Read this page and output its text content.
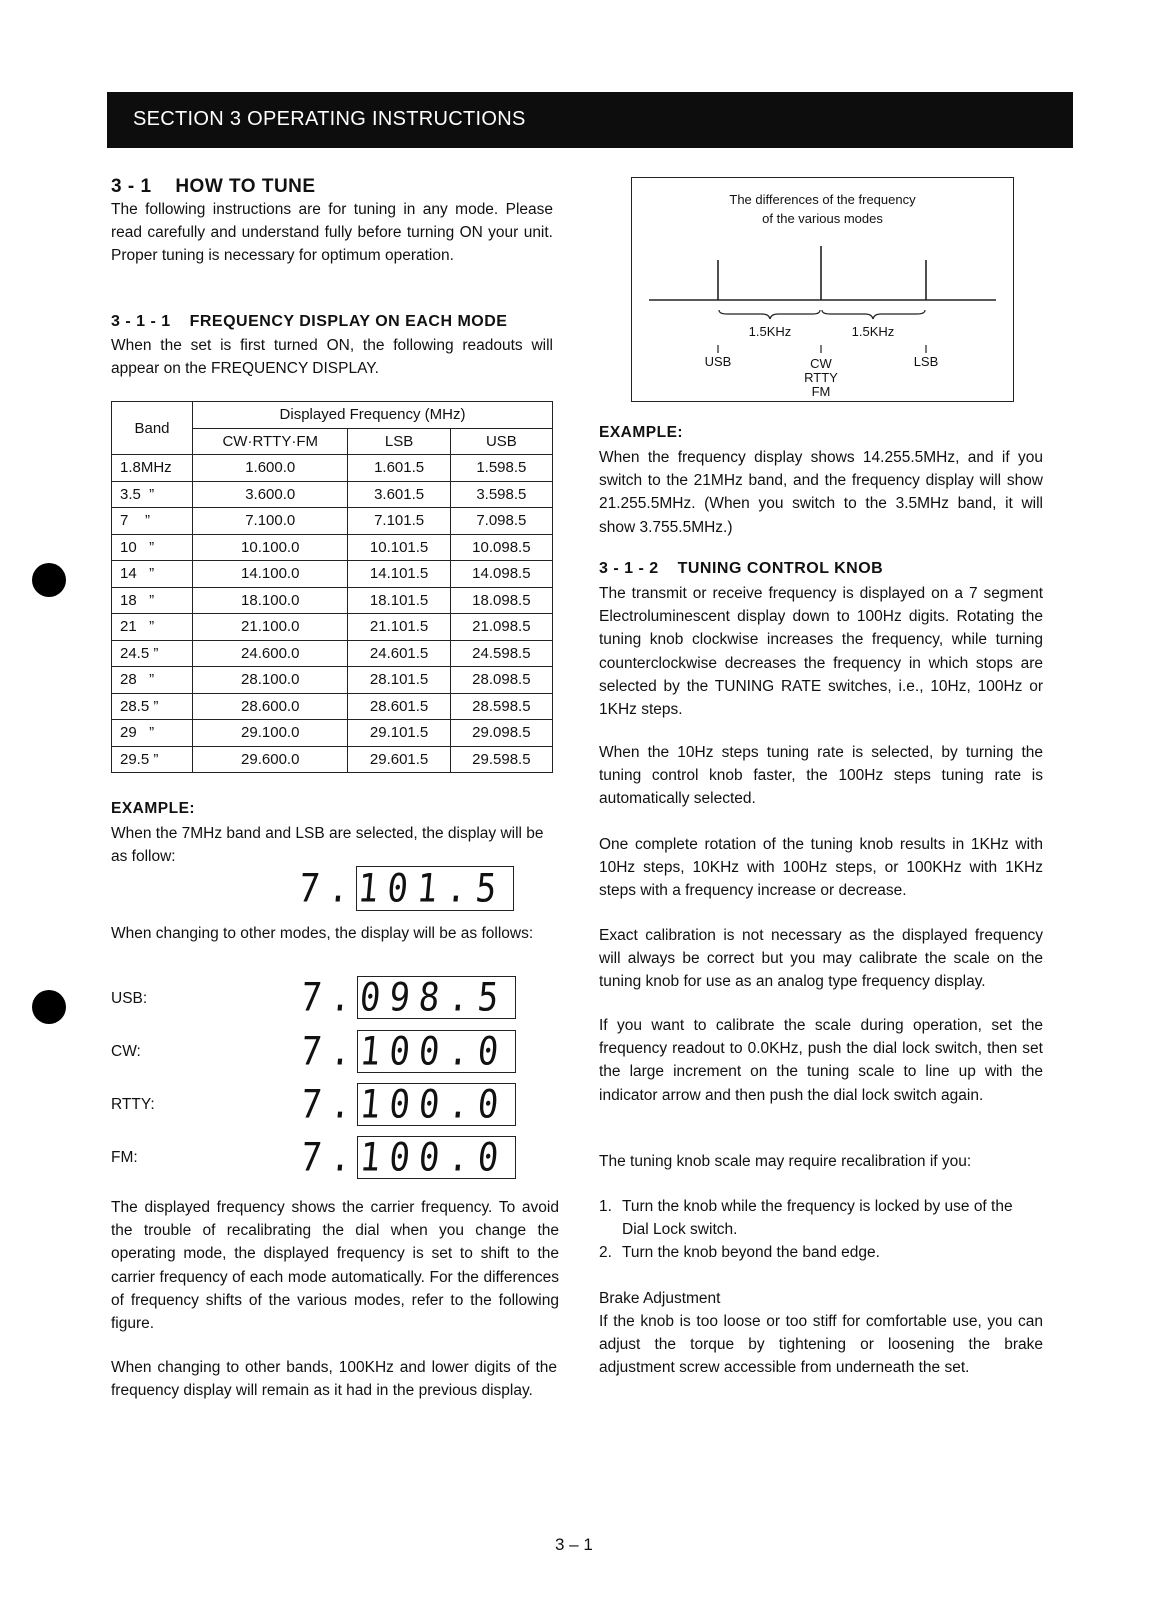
SECTION 3 OPERATING INSTRUCTIONS
3 - 1 HOW TO TUNE

The following instructions are for tuning in any mode. Please read carefully and understand fully before turning ON your unit. Proper tuning is necessary for optimum operation.

3 - 1 - 1 FREQUENCY DISPLAY ON EACH MODE

When the set is first turned ON, the following readouts will appear on the FREQUENCY DISPLAY.

Band	Displayed Frequency (MHz)		
	CW·RTTY·FM	LSB	USB
1.8MHz	1.600.0	1.601.5	1.598.5
3.5  ”	3.600.0	3.601.5	3.598.5
7    ”	7.100.0	7.101.5	7.098.5
10   ”	10.100.0	10.101.5	10.098.5
14   ”	14.100.0	14.101.5	14.098.5
18   ”	18.100.0	18.101.5	18.098.5
21   ”	21.100.0	21.101.5	21.098.5
24.5 ”	24.600.0	24.601.5	24.598.5
28   ”	28.100.0	28.101.5	28.098.5
28.5 ”	28.600.0	28.601.5	28.598.5
29   ”	29.100.0	29.101.5	29.098.5
29.5 ”	29.600.0	29.601.5	29.598.5
EXAMPLE:

When the 7MHz band and LSB are selected, the display will be as follow:

7.101.5

When changing to other modes, the display will be as follows:

USB:	7.098.5
CW:	7.100.0
RTTY:	7.100.0
FM:	7.100.0

The displayed frequency shows the carrier frequency. To avoid the trouble of recalibrating the dial when you change the operating mode, the displayed frequency is set to shift to the carrier frequency of each mode automatically. For the differences of frequency shifts of the various modes, refer to the following figure.

When changing to other bands, 100KHz and lower digits of the frequency display will remain as it had in the previous display.

The differences of the frequency
of the various modes
1.5KHz	1.5KHz
USB	CW
RTTY
FM
LSB
EXAMPLE:

When the frequency display shows 14.255.5MHz, and if you switch to the 21MHz band, and the frequency display will show 21.255.5MHz. (When you switch to the 3.5MHz band, it will show 3.755.5MHz.)

3 - 1 - 2 TUNING CONTROL KNOB

The transmit or receive frequency is displayed on a 7 segment Electroluminescent display down to 100Hz digits. Rotating the tuning knob clockwise increases the frequency, while turning counterclockwise decreases the frequency in which stops are selected by the TUNING RATE switches, i.e., 10Hz, 100Hz or 1KHz steps.

When the 10Hz steps tuning rate is selected, by turning the tuning control knob faster, the 100Hz steps tuning rate is automatically selected.

One complete rotation of the tuning knob results in 1KHz with 10Hz steps, 10KHz with 100Hz steps, or 100KHz with 1KHz steps with a frequency increase or decrease.

Exact calibration is not necessary as the displayed frequency will always be correct but you may calibrate the scale on the tuning knob for use as an analog type frequency display.

If you want to calibrate the scale during operation, set the frequency readout to 0.0KHz, push the dial lock switch, then set the large increment on the tuning scale to line up with the indicator arrow and then push the dial lock switch again.

The tuning knob scale may require recalibration if you:

1. Turn the knob while the frequency is locked by use of the Dial Lock switch.
2. Turn the knob beyond the band edge.
Brake Adjustment

If the knob is too loose or too stiff for comfortable use, you can adjust the torque by tightening or loosening the brake adjustment screw accessible from underneath the set.

3 – 1
